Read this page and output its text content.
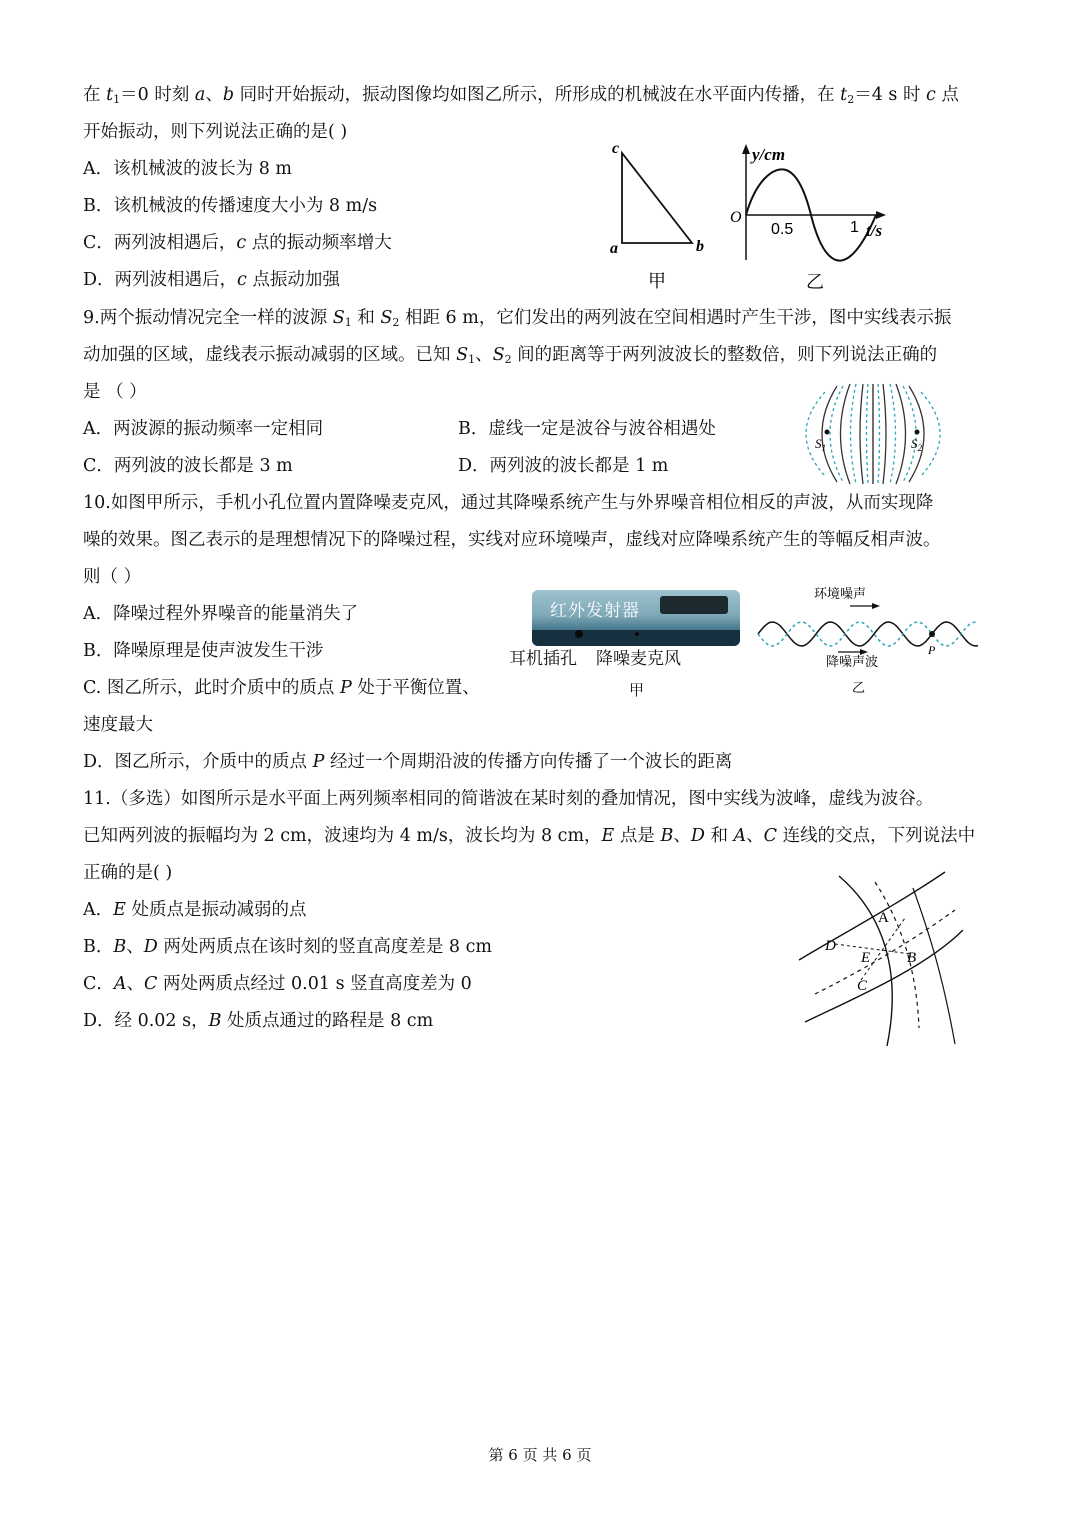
在 $t_1=0$ 时刻 a、b 同时开始振动，振动图像均如图乙所示，所形成的机械波在水平面内传播，在 $t_2=4$ s 时 c 点
开始振动，则下列说法正确的是( )
A．该机械波的波长为 8 m
B．该机械波的传播速度大小为 8 m/s
C．两列波相遇后，c 点的振动频率增大
D．两列波相遇后，c 点振动加强
c
a	b
甲
y/cm
O
0.5	1 t/s
乙
9.两个振动情况完全一样的波源 $S_1$ 和 $S_2$ 相距 6 m，它们发出的两列波在空间相遇时产生干涉，图中实线表示振
动加强的区域，虚线表示振动减弱的区域。已知 $S_1$、$S_2$ 间的距离等于两列波波长的整数倍，则下列说法正确的
是 （ ）
A．两波源的振动频率一定相同	B．虚线一定是波谷与波谷相遇处
C．两列波的波长都是 3 m	D．两列波的波长都是 1 m
$S_1$	$S_2$
10.如图甲所示，手机小孔位置内置降噪麦克风，通过其降噪系统产生与外界噪音相位相反的声波，从而实现降
噪的效果。图乙表示的是理想情况下的降噪过程，实线对应环境噪声，虚线对应降噪系统产生的等幅反相声波。
则（ ）
A．降噪过程外界噪音的能量消失了
B．降噪原理是使声波发生干涉
C. 图乙所示，此时介质中的质点 P 处于平衡位置、
速度最大
D．图乙所示，介质中的质点 P 经过一个周期沿波的传播方向传播了一个波长的距离
红外发射器
耳机插孔 降噪麦克风
甲
环境噪声
降噪声波
P
乙
11.（多选）如图所示是水平面上两列频率相同的简谐波在某时刻的叠加情况，图中实线为波峰，虚线为波谷。
已知两列波的振幅均为 2 cm，波速均为 4 m/s，波长均为 8 cm，E 点是 B、D 和 A、C 连线的交点，下列说法中
正确的是( )
A．E 处质点是振动减弱的点
B．B、D 两处两质点在该时刻的竖直高度差是 8 cm
C．A、C 两处两质点经过 0.01 s 竖直高度差为 0
D．经 0.02 s，B 处质点通过的路程是 8 cm
A
D
B
E
C
第 6 页 共 6 页
